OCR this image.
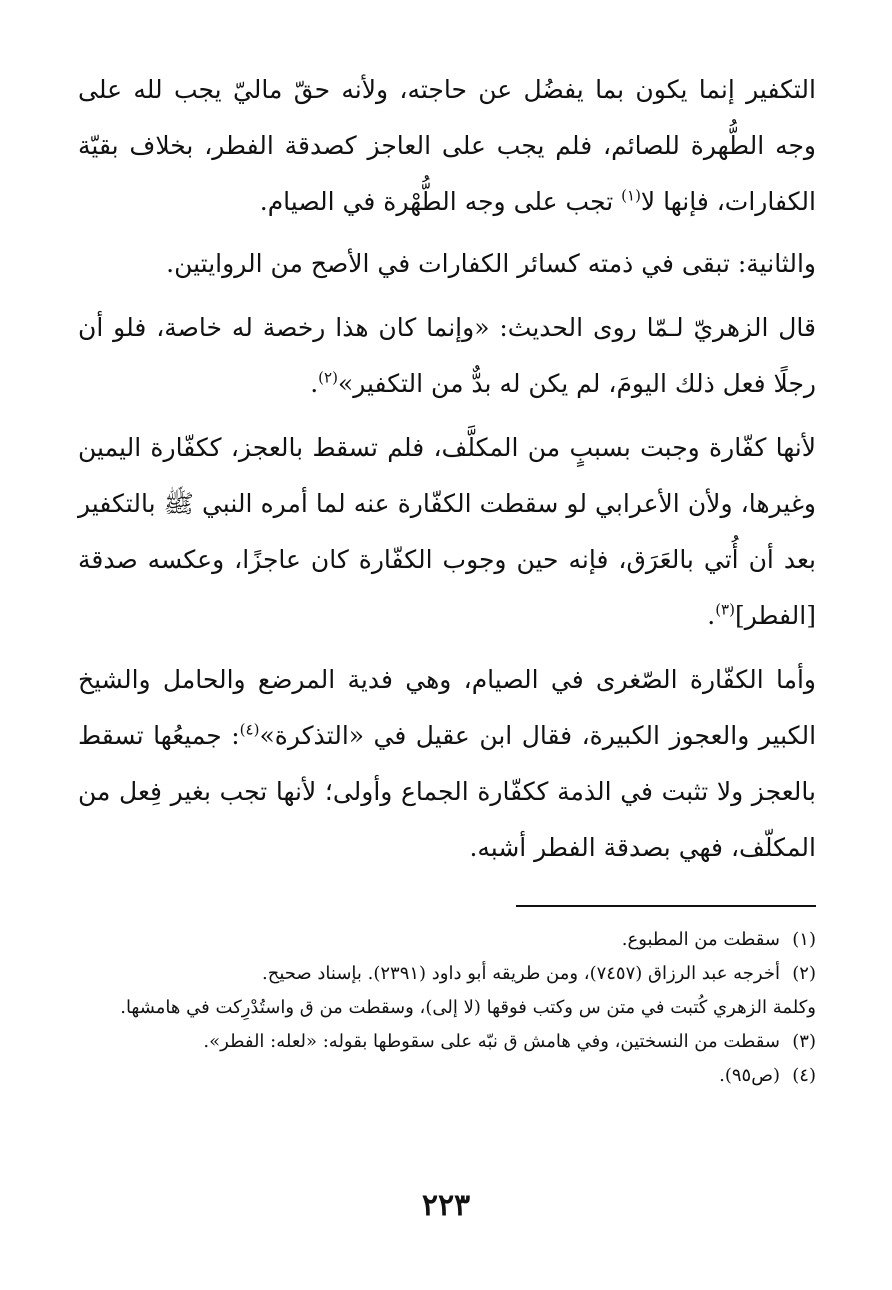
التكفير إنما يكون بما يفضُل عن حاجته، ولأنه حقّ ماليّ يجب لله على وجه الطُّهرة للصائم، فلم يجب على العاجز كصدقة الفطر، بخلاف بقيّة الكفارات، فإنها لا$^{(١)}$ تجب على وجه الطُّهْرة في الصيام.

والثانية: تبقى في ذمته كسائر الكفارات في الأصح من الروايتين.

قال الزهريّ لـمّا روى الحديث: «وإنما كان هذا رخصة له خاصة، فلو أن رجلًا فعل ذلك اليومَ، لم يكن له بدٌّ من التكفير»$^{(٢)}$.

لأنها كفّارة وجبت بسببٍ من المكلَّف، فلم تسقط بالعجز، ككفّارة اليمين وغيرها، ولأن الأعرابي لو سقطت الكفّارة عنه لما أمره النبي ﷺ بالتكفير بعد أن أُتي بالعَرَق، فإنه حين وجوب الكفّارة كان عاجزًا، وعكسه صدقة [الفطر]$^{(٣)}$.

وأما الكفّارة الصّغرى في الصيام، وهي فدية المرضع والحامل والشيخ الكبير والعجوز الكبيرة، فقال ابن عقيل في «التذكرة»$^{(٤)}$: جميعُها تسقط بالعجز ولا تثبت في الذمة ككفّارة الجماع وأولى؛ لأنها تجب بغير فِعل من المكلّف، فهي بصدقة الفطر أشبه.

(١)سقطت من المطبوع.
(٢)أخرجه عبد الرزاق (٧٤٥٧)، ومن طريقه أبو داود (٢٣٩١). بإسناد صحيح.
وكلمة الزهري كُتبت في متن س وكتب فوقها (لا إلى)، وسقطت من ق واستُدْرِكت في هامشها.
(٣)سقطت من النسختين، وفي هامش ق نبّه على سقوطها بقوله: «لعله: الفطر».
(٤)(ص٩٥).
٢٢٣
